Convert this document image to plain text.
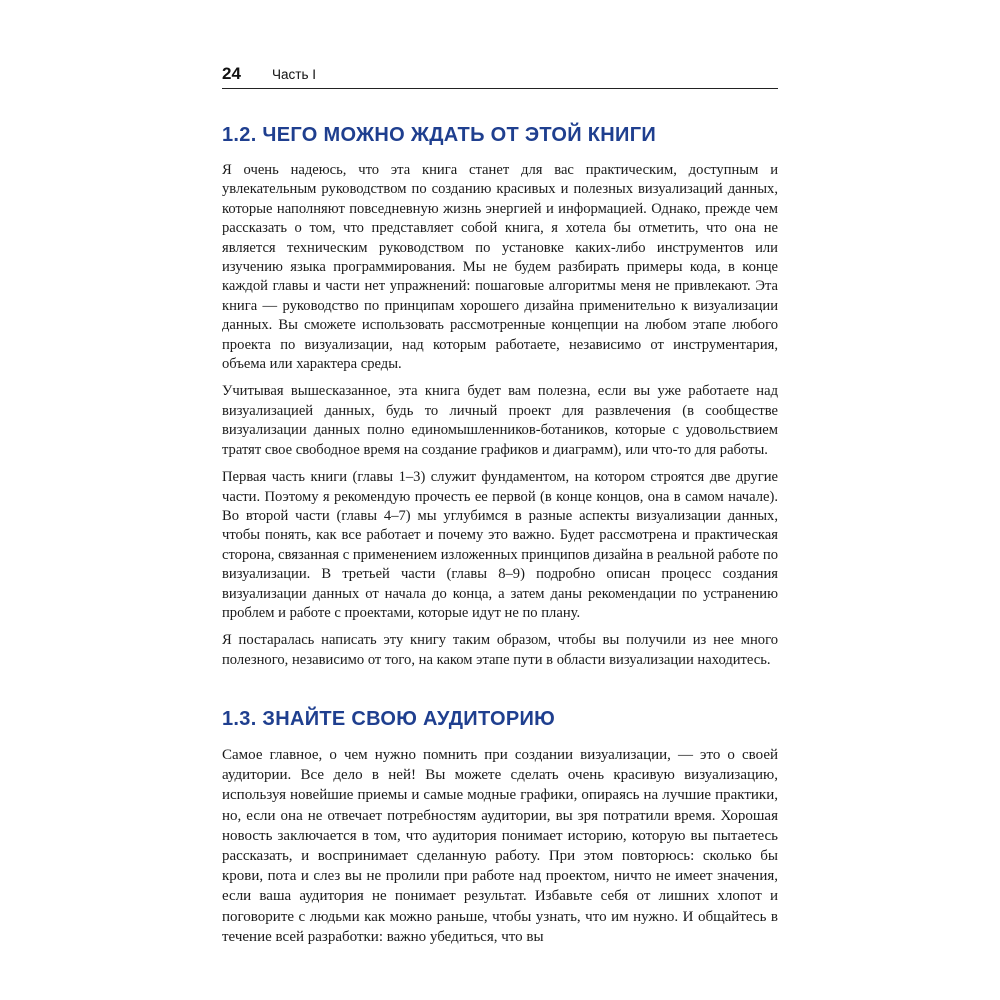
24 Часть I
1.2. ЧЕГО МОЖНО ЖДАТЬ ОТ ЭТОЙ КНИГИ

Я очень надеюсь, что эта книга станет для вас практическим, доступным и увлекательным руководством по созданию красивых и полезных визуализаций данных, которые наполняют повседневную жизнь энергией и информацией. Однако, прежде чем рассказать о том, что представляет собой книга, я хотела бы отметить, что она не является техническим руководством по установке каких-либо инструментов или изучению языка программирования. Мы не будем разбирать примеры кода, в конце каждой главы и части нет упражнений: пошаговые алгоритмы меня не привлекают. Эта книга — руководство по принципам хорошего дизайна применительно к визуализации данных. Вы сможете использовать рассмотренные концепции на любом этапе любого проекта по визуализации, над которым работаете, независимо от инструментария, объема или характера среды.

Учитывая вышесказанное, эта книга будет вам полезна, если вы уже работаете над визуализацией данных, будь то личный проект для развлечения (в сообществе визуализации данных полно единомышленников-ботаников, которые с удовольствием тратят свое свободное время на создание графиков и диаграмм), или что-то для работы.

Первая часть книги (главы 1–3) служит фундаментом, на котором строятся две другие части. Поэтому я рекомендую прочесть ее первой (в конце концов, она в самом начале). Во второй части (главы 4–7) мы углубимся в разные аспекты визуализации данных, чтобы понять, как все работает и почему это важно. Будет рассмотрена и практическая сторона, связанная с применением изложенных принципов дизайна в реальной работе по визуализации. В третьей части (главы 8–9) подробно описан процесс создания визуализации данных от начала до конца, а затем даны рекомендации по устранению проблем и работе с проектами, которые идут не по плану.

Я постаралась написать эту книгу таким образом, чтобы вы получили из нее много полезного, независимо от того, на каком этапе пути в области визуализации находитесь.

1.3. ЗНАЙТЕ СВОЮ АУДИТОРИЮ

Самое главное, о чем нужно помнить при создании визуализации, — это о своей аудитории. Все дело в ней! Вы можете сделать очень красивую визуализацию, используя новейшие приемы и самые модные графики, опираясь на лучшие практики, но, если она не отвечает потребностям аудитории, вы зря потратили время. Хорошая новость заключается в том, что аудитория понимает историю, которую вы пытаетесь рассказать, и воспринимает сделанную работу. При этом повторюсь: сколько бы крови, пота и слез вы не пролили при работе над проектом, ничто не имеет значения, если ваша аудитория не понимает результат. Избавьте себя от лишних хлопот и поговорите с людьми как можно раньше, чтобы узнать, что им нужно. И общайтесь в течение всей разработки: важно убедиться, что вы
